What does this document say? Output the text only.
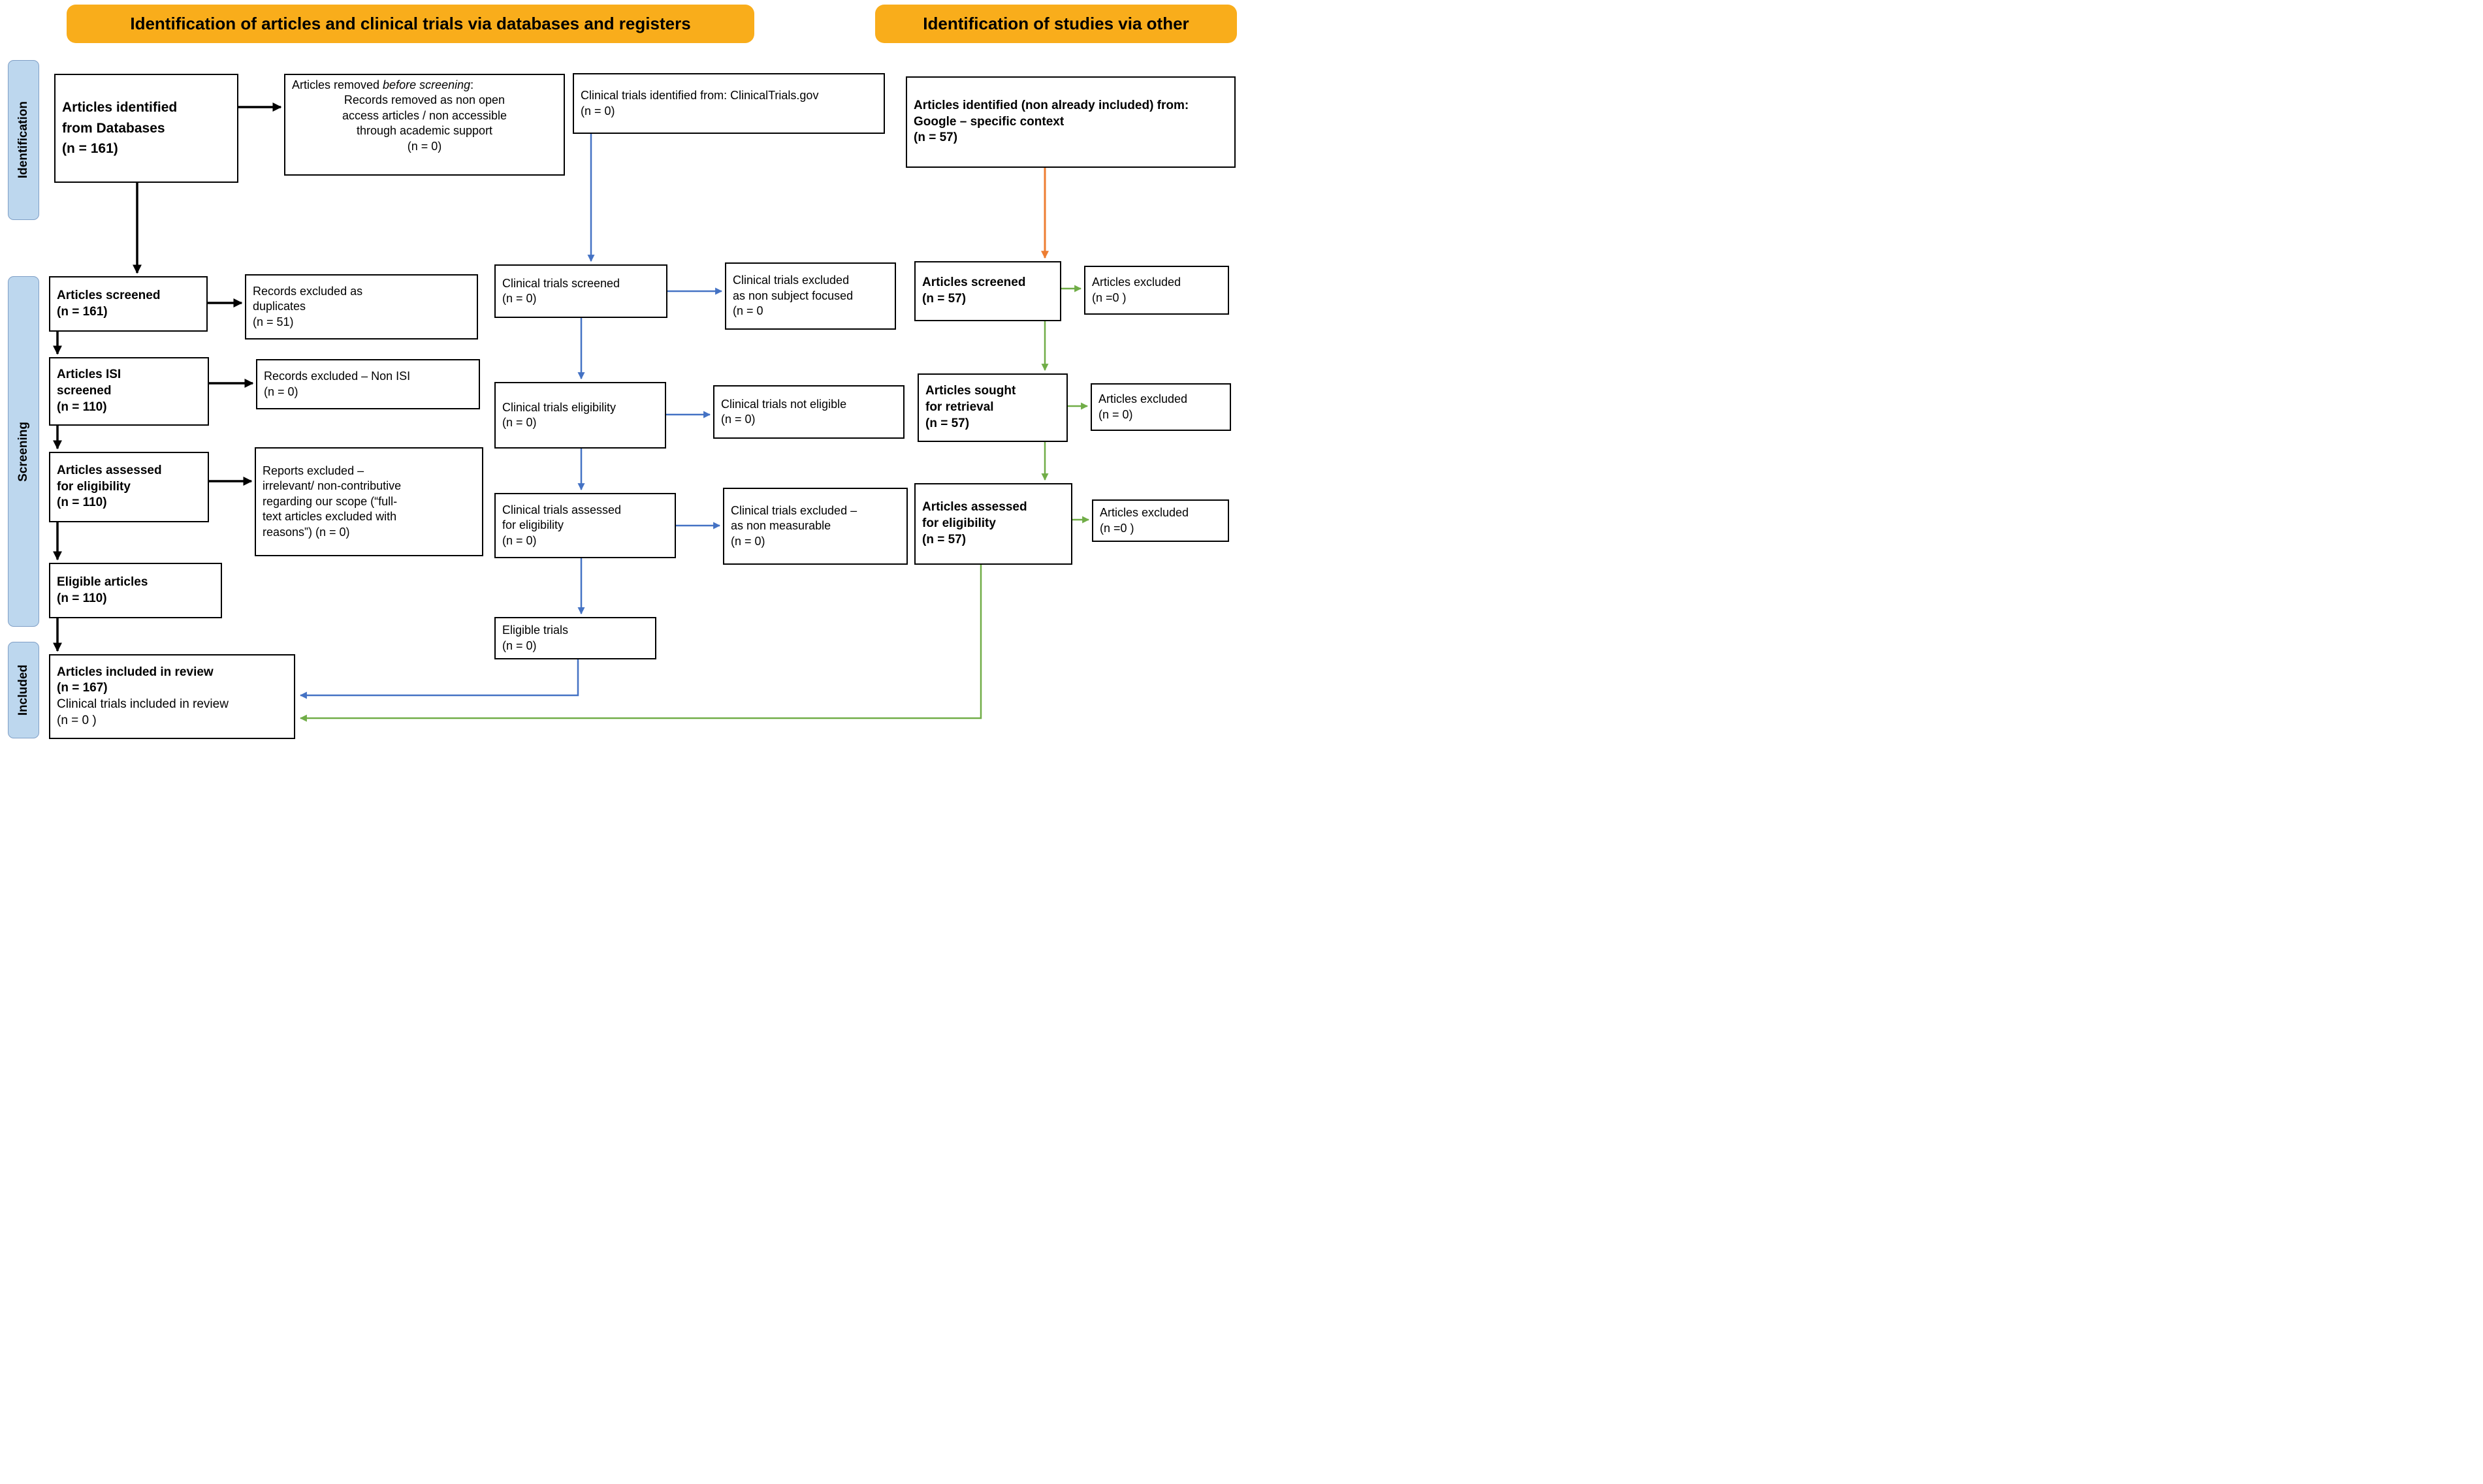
Identification of articles and clinical trials via databases and registers	Identification of studies via other
Identification
Screening
Included
Articles identified
from Databases
(n = 161)
Articles removed before screening:
Records removed as non open
access articles / non accessible
through academic support
(n = 0)
Articles screened
(n = 161)
Records excluded as
duplicates
(n = 51)
Articles ISI
screened
(n = 110)
Records excluded – Non ISI
(n = 0)
Articles assessed
for eligibility
(n = 110)
Reports excluded –
irrelevant/ non-contributive
regarding our scope (“full-
text articles excluded with
reasons”) (n = 0)
Eligible articles
(n = 110)
Articles included in review
(n = 167)
Clinical trials included in review
(n = 0 )
Clinical trials identified from: ClinicalTrials.gov
(n = 0)
Clinical trials screened
(n = 0)
Clinical trials excluded
as non subject focused
(n = 0
Clinical trials eligibility
(n = 0)
Clinical trials not eligible
(n = 0)
Clinical trials assessed
for eligibility
(n = 0)
Clinical trials excluded –
as non measurable
(n = 0)
Eligible trials
(n = 0)
Articles identified (non already included) from:
Google – specific context
(n = 57)
Articles screened
(n = 57)
Articles excluded
(n =0 )
Articles sought
for retrieval
(n = 57)
Articles excluded
(n = 0)
Articles assessed
for eligibility
(n = 57)
Articles excluded
(n =0 )
